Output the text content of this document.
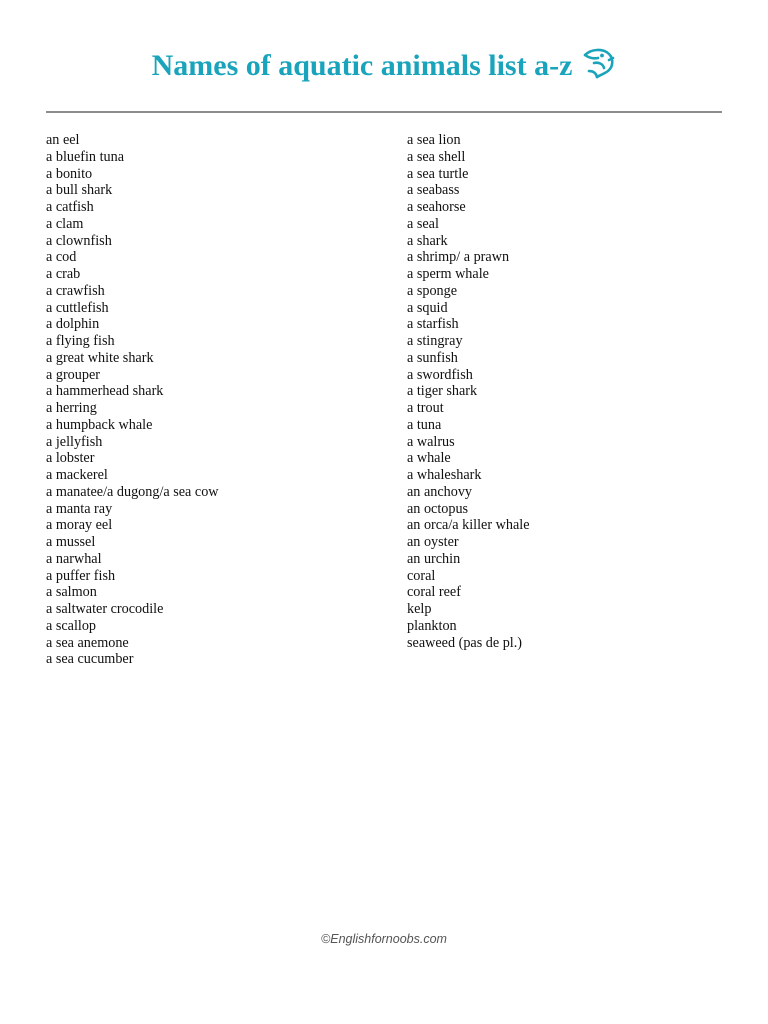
Names of aquatic animals list a-z
an eel
a bluefin tuna
a bonito
a bull shark
a catfish
a clam
a clownfish
a cod
a crab
a crawfish
a cuttlefish
a dolphin
a flying fish
a great white shark
a grouper
a hammerhead shark
a herring
a humpback whale
a jellyfish
a lobster
a mackerel
a manatee/a dugong/a sea cow
a manta ray
a moray eel
a mussel
a narwhal
a puffer fish
a salmon
a saltwater crocodile
a scallop
a sea anemone
a sea cucumber
a sea lion
a sea shell
a sea turtle
a seabass
a seahorse
a seal
a shark
a shrimp/ a prawn
a sperm whale
a sponge
a squid
a starfish
a stingray
a sunfish
a swordfish
a tiger shark
a trout
a tuna
a walrus
a whale
a whaleshark
an anchovy
an octopus
an orca/a killer whale
an oyster
an urchin
coral
coral reef
kelp
plankton
seaweed (pas de pl.)
©Englishfornoobs.com
